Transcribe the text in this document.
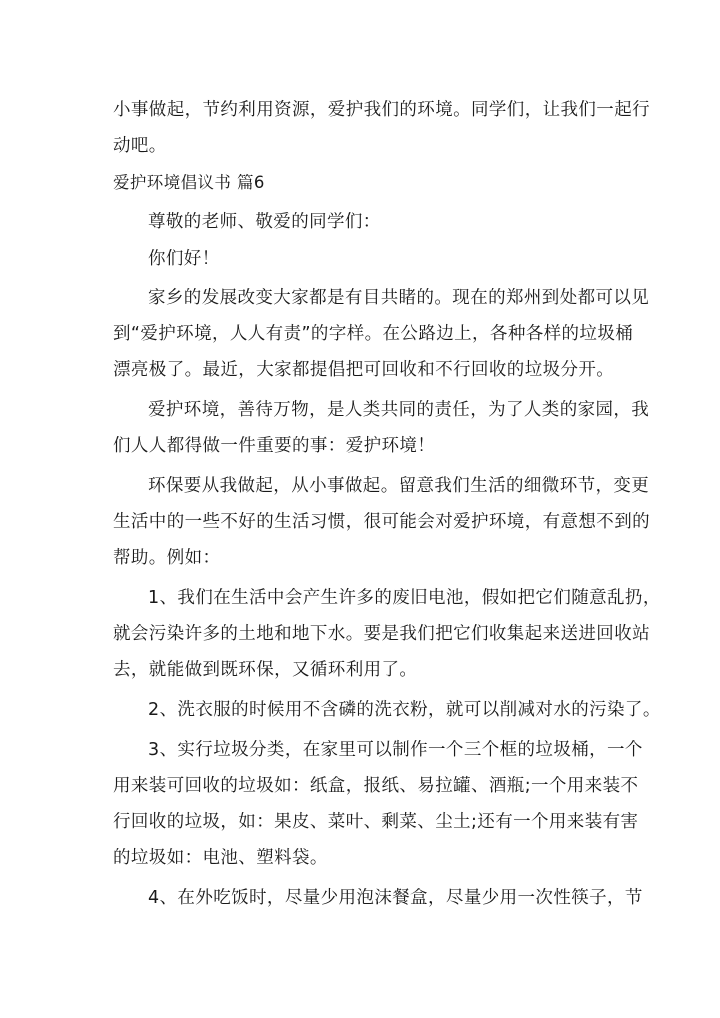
小事做起，节约利用资源，爱护我们的环境。同学们，让我们一起行
动吧。
爱护环境倡议书 篇6
尊敬的老师、敬爱的同学们：
你们好！
家乡的发展改变大家都是有目共睹的。现在的郑州到处都可以见
到“爱护环境，人人有责”的字样。在公路边上，各种各样的垃圾桶
漂亮极了。最近，大家都提倡把可回收和不行回收的垃圾分开。
爱护环境，善待万物，是人类共同的责任，为了人类的家园，我
们人人都得做一件重要的事：爱护环境！
环保要从我做起，从小事做起。留意我们生活的细微环节，变更
生活中的一些不好的生活习惯，很可能会对爱护环境，有意想不到的
帮助。例如：
1、我们在生活中会产生许多的废旧电池，假如把它们随意乱扔，
就会污染许多的土地和地下水。要是我们把它们收集起来送进回收站
去，就能做到既环保，又循环利用了。
2、洗衣服的时候用不含磷的洗衣粉，就可以削减对水的污染了。
3、实行垃圾分类，在家里可以制作一个三个框的垃圾桶，一个
用来装可回收的垃圾如：纸盒，报纸、易拉罐、酒瓶;一个用来装不
行回收的垃圾，如：果皮、菜叶、剩菜、尘土;还有一个用来装有害
的垃圾如：电池、塑料袋。
4、在外吃饭时，尽量少用泡沫餐盒，尽量少用一次性筷子，节
